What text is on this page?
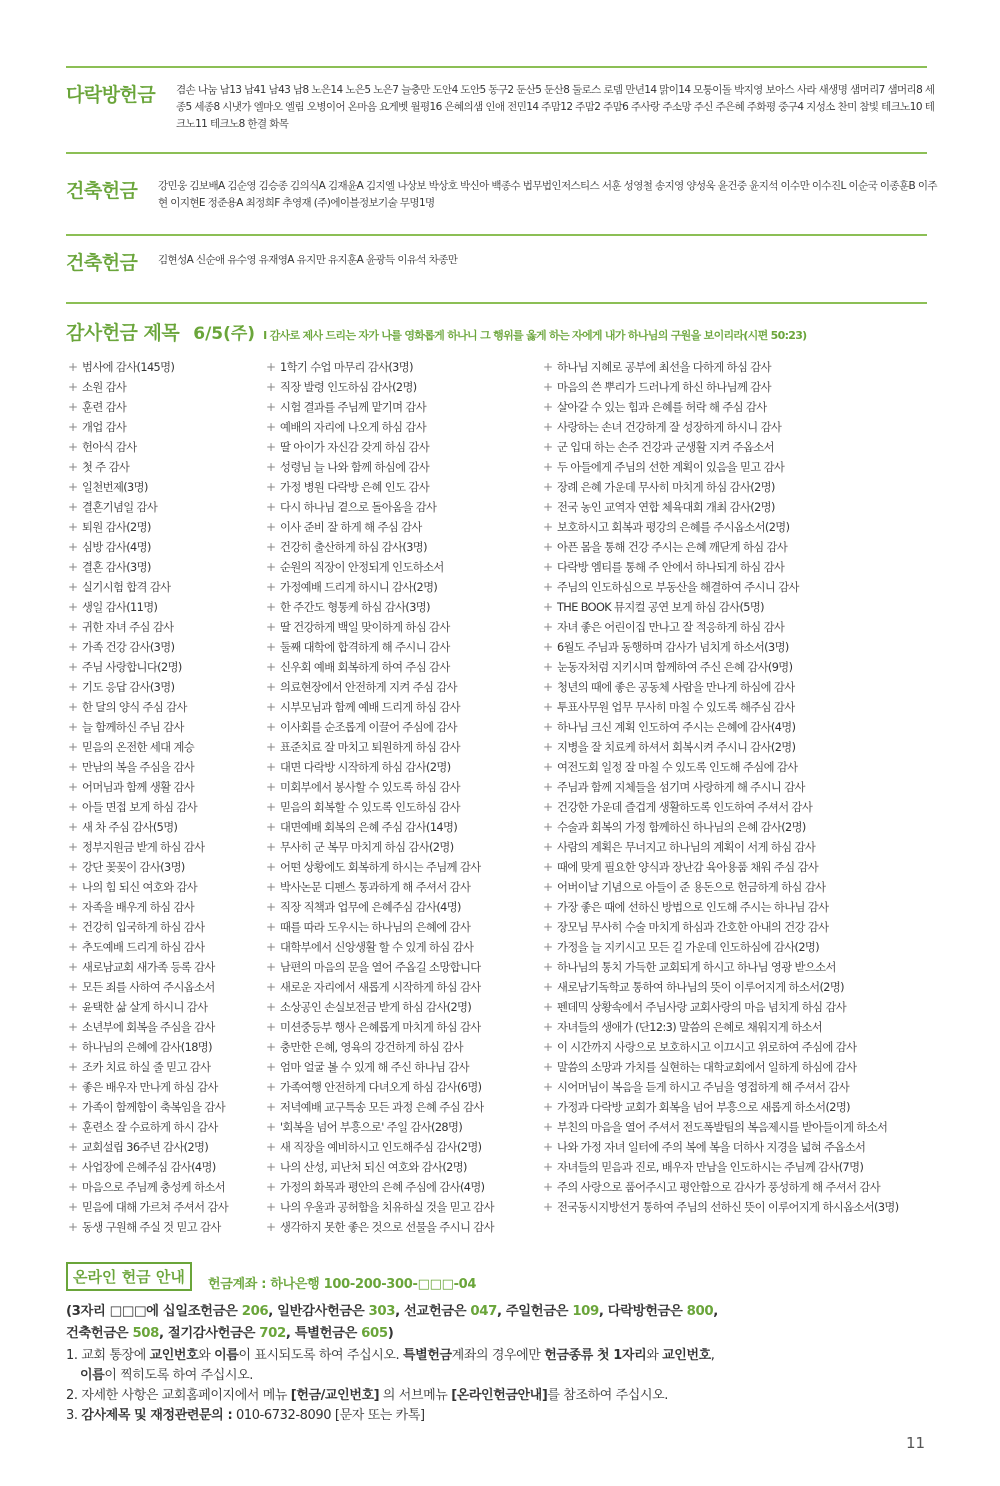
다락방헌금 겸손 나눔 남13 남41 남43 남8 노은14 노은5 노은7 늘충만 도안4 도안5 동구2 둔산5 둔산8 둘로스 로뎀 만년14 맑이14 모퉁이돌 박지영 보아스 사라 새생명 샘머리7 샘머리8 세종5 세종8 시냇가 엘마오 엘림 오병이어 온마음 요게벳 월평16 은혜의샘 인애 전민14 주맘12 주맘2 주맘6 주사랑 주소망 주신 주은혜 주화평 중구4 지성소 찬미 참빛 테크노10 테크노11 테크노8 한결 화목
건축헌금 강민웅 김보배A 김순영 김승종 김의식A 김재윤A 김지엘 나상보 박상호 박신아 백종수 법무법인저스티스 서훈 성영철 송지영 양성욱 윤건중 윤지석 이수만 이수진L 이순국 이종훈B 이주현 이지현E 정준용A 최정희F 추영재 (주)에이블정보기술 무명1명
건축헌금 김현성A 신순애 유수영 유재영A 유지만 유지훈A 윤광득 이유석 차종만
감사헌금 제목 6/5(주) I 감사로 제사 드리는 자가 나를 영화롭게 하나니 그 행위를 옳게 하는 자에게 내가 하나님의 구원을 보이리라(시편 50:23)
+ 범사에 감사(145명)
+ 소원 감사
+ 훈련 감사
+ 개업 감사
+ 헌아식 감사
+ 첫 주 감사
+ 일천번제(3명)
+ 결혼기념일 감사
+ 퇴원 감사(2명)
+ 심방 감사(4명)
+ 결혼 감사(3명)
+ 실기시험 합격 감사
+ 생일 감사(11명)
+ 귀한 자녀 주심 감사
+ 가족 건강 감사(3명)
+ 주님 사랑합니다(2명)
+ 기도 응답 감사(3명)
+ 한 달의 양식 주심 감사
+ 늘 함께하신 주님 감사
+ 믿음의 온전한 세대 계승
+ 만남의 복을 주심을 감사
+ 어머님과 함께 생활 감사
+ 아들 면접 보게 하심 감사
+ 새 차 주심 감사(5명)
+ 정부지원금 받게 하심 감사
+ 강단 꽃꽂이 감사(3명)
+ 나의 힘 되신 여호와 감사
+ 자족을 배우게 하심 감사
+ 건강히 입국하게 하심 감사
+ 추도예배 드리게 하심 감사
+ 새로남교회 새가족 등록 감사
+ 모든 죄를 사하여 주시옵소서
+ 윤택한 삶 살게 하시니 감사
+ 소년부에 회복을 주심을 감사
+ 하나님의 은혜에 감사(18명)
+ 조카 치료 하실 줄 믿고 감사
+ 좋은 배우자 만나게 하심 감사
+ 가족이 함께함이 축복임을 감사
+ 훈련소 잘 수료하게 하시 감사
+ 교회설립 36주년 감사(2명)
+ 사업장에 은혜주심 감사(4명)
+ 마음으로 주님께 충성케 하소서
+ 믿음에 대해 가르쳐 주셔서 감사
+ 동생 구원해 주실 것 믿고 감사
+ 1학기 수업 마무리 감사(3명)
+ 직장 발령 인도하심 감사(2명)
+ 시험 결과를 주님께 맡기며 감사
+ 예배의 자리에 나오게 하심 감사
+ 딸 아이가 자신감 갖게 하심 감사
+ 성령님 늘 나와 함께 하심에 감사
+ 가정 병원 다락방 은혜 인도 감사
+ 다시 하나님 곁으로 돌아옴을 감사
+ 이사 준비 잘 하게 해 주심 감사
+ 건강히 출산하게 하심 감사(3명)
+ 순원의 직장이 안정되게 인도하소서
+ 가정예배 드리게 하시니 감사(2명)
+ 한 주간도 형통케 하심 감사(3명)
+ 딸 건강하게 백일 맞이하게 하심 감사
+ 둘째 대학에 합격하게 해 주시니 감사
+ 신우회 예배 회복하게 하여 주심 감사
+ 의료현장에서 안전하게 지켜 주심 감사
+ 시부모님과 함께 예배 드리게 하심 감사
+ 이사회를 순조롭게 이끌어 주심에 감사
+ 표준치료 잘 마치고 퇴원하게 하심 감사
+ 대면 다락방 시작하게 하심 감사(2명)
+ 미회부에서 봉사할 수 있도록 하심 감사
+ 믿음의 회복할 수 있도록 인도하심 감사
+ 대면예배 회복의 은혜 주심 감사(14명)
+ 무사히 군 복무 마치게 하심 감사(2명)
+ 어떤 상황에도 회복하게 하시는 주님께 감사
+ 박사논문 디펜스 통과하게 해 주셔서 감사
+ 직장 직책과 업무에 은혜주심 감사(4명)
+ 때를 따라 도우시는 하나님의 은혜에 감사
+ 대학부에서 신앙생활 할 수 있게 하심 감사
+ 남편의 마음의 문을 열어 주옵길 소망합니다
+ 새로운 자리에서 새롭게 시작하게 하심 감사
+ 소상공인 손실보전금 받게 하심 감사(2명)
+ 미션중등부 행사 은혜롭게 마치게 하심 감사
+ 충만한 은혜, 영육의 강건하게 하심 감사
+ 엄마 얼굴 볼 수 있게 해 주신 하나님 감사
+ 가족여행 안전하게 다녀오게 하심 감사(6명)
+ 저녁예배 교구특송 모든 과정 은혜 주심 감사
+ '회복을 넘어 부흥으로' 주일 감사(28명)
+ 새 직장을 예비하시고 인도해주심 감사(2명)
+ 나의 산성, 피난처 되신 여호와 감사(2명)
+ 가정의 화목과 평안의 은혜 주심에 감사(4명)
+ 나의 우울과 공허함을 치유하실 것을 믿고 감사
+ 생각하지 못한 좋은 것으로 선물을 주시니 감사
+ 하나님 지혜로 공부에 최선을 다하게 하심 감사
+ 마음의 쓴 뿌리가 드러나게 하신 하나님께 감사
+ 살아갈 수 있는 힘과 은혜를 허락 해 주심 감사
+ 사랑하는 손녀 건강하게 잘 성장하게 하시니 감사
+ 군 입대 하는 손주 건강과 군생활 지켜 주옵소서
+ 두 아들에게 주님의 선한 계획이 있음을 믿고 감사
+ 장례 은혜 가운데 무사히 마치게 하심 감사(2명)
+ 전국 농인 교역자 연합 체육대회 개최 감사(2명)
+ 보호하시고 회복과 평강의 은혜를 주시옵소서(2명)
+ 아픈 몸을 통해 건강 주시는 은혜 깨닫게 하심 감사
+ 다락방 엠티를 통해 주 안에서 하나되게 하심 감사
+ 주님의 인도하심으로 부동산을 해결하여 주시니 감사
+ THE BOOK 뮤지컬 공연 보게 하심 감사(5명)
+ 자녀 좋은 어린이집 만나고 잘 적응하게 하심 감사
+ 6월도 주님과 동행하며 감사가 넘치게 하소서(3명)
+ 눈동자처럼 지키시며 함께하여 주신 은혜 감사(9명)
+ 청년의 때에 좋은 공동체 사람을 만나게 하심에 감사
+ 투표사무원 업무 무사히 마칠 수 있도록 해주심 감사
+ 하나님 크신 계획 인도하여 주시는 은혜에 감사(4명)
+ 지병을 잘 치료케 하셔서 회복시켜 주시니 감사(2명)
+ 여전도회 일정 잘 마칠 수 있도록 인도해 주심에 감사
+ 주님과 함께 지체들을 섬기며 사랑하게 해 주시니 감사
+ 건강한 가운데 즐겁게 생활하도록 인도하여 주셔서 감사
+ 수술과 회복의 가정 함께하신 하나님의 은혜 감사(2명)
+ 사람의 계획은 무너지고 하나님의 계획이 서게 하심 감사
+ 때에 맞게 필요한 양식과 장난감 육아용품 채워 주심 감사
+ 어버이날 기념으로 아들이 준 용돈으로 헌금하게 하심 감사
+ 가장 좋은 때에 선하신 방법으로 인도해 주시는 하나님 감사
+ 장모님 무사히 수술 마치게 하심과 간호한 아내의 건강 감사
+ 가정을 늘 지키시고 모든 길 가운데 인도하심에 감사(2명)
+ 하나님의 통치 가득한 교회되게 하시고 하나님 영광 받으소서
+ 새로남기독학교 통하여 하나님의 뜻이 이루어지게 하소서(2명)
+ 펜데믹 상황속에서 주님사랑 교회사랑의 마음 넘치게 하심 감사
+ 자녀들의 생애가 (단12:3) 말씀의 은혜로 채워지게 하소서
+ 이 시간까지 사랑으로 보호하시고 이끄시고 위로하여 주심에 감사
+ 말씀의 소망과 가치를 실현하는 대학교회에서 일하게 하심에 감사
+ 시어머님이 복음을 듣게 하시고 주님을 영접하게 해 주셔서 감사
+ 가정과 다락방 교회가 회복을 넘어 부흥으로 새롭게 하소서(2명)
+ 부친의 마음을 열어 주셔서 전도폭발팀의 복음제시를 받아들이게 하소서
+ 나와 가정 자녀 일터에 주의 복에 복을 더하사 지경을 넓혀 주옵소서
+ 자녀들의 믿음과 진로, 배우자 만남을 인도하시는 주님께 감사(7명)
+ 주의 사랑으로 품어주시고 평안함으로 감사가 풍성하게 해 주셔서 감사
+ 전국동시지방선거 통하여 주님의 선하신 뜻이 이루어지게 하시옵소서(3명)
온라인 헌금 안내	헌금계좌 : 하나은행 100-200-300-□□□-04
(3자리 □□□에 십일조헌금은 206, 일반감사헌금은 303, 선교헌금은 047, 주일헌금은 109, 다락방헌금은 800,
건축헌금은 508, 절기감사헌금은 702, 특별헌금은 605)
1. 교회 통장에 교인번호와 이름이 표시되도록 하여 주십시오. 특별헌금계좌의 경우에만 헌금종류 첫 1자리와 교인번호,
이름이 찍히도록 하여 주십시오.
2. 자세한 사항은 교회홈페이지에서 메뉴 [헌금/교인번호] 의 서브메뉴 [온라인헌금안내]를 참조하여 주십시오.
3. 감사제목 및 재정관련문의 : 010-6732-8090 [문자 또는 카톡]
11
